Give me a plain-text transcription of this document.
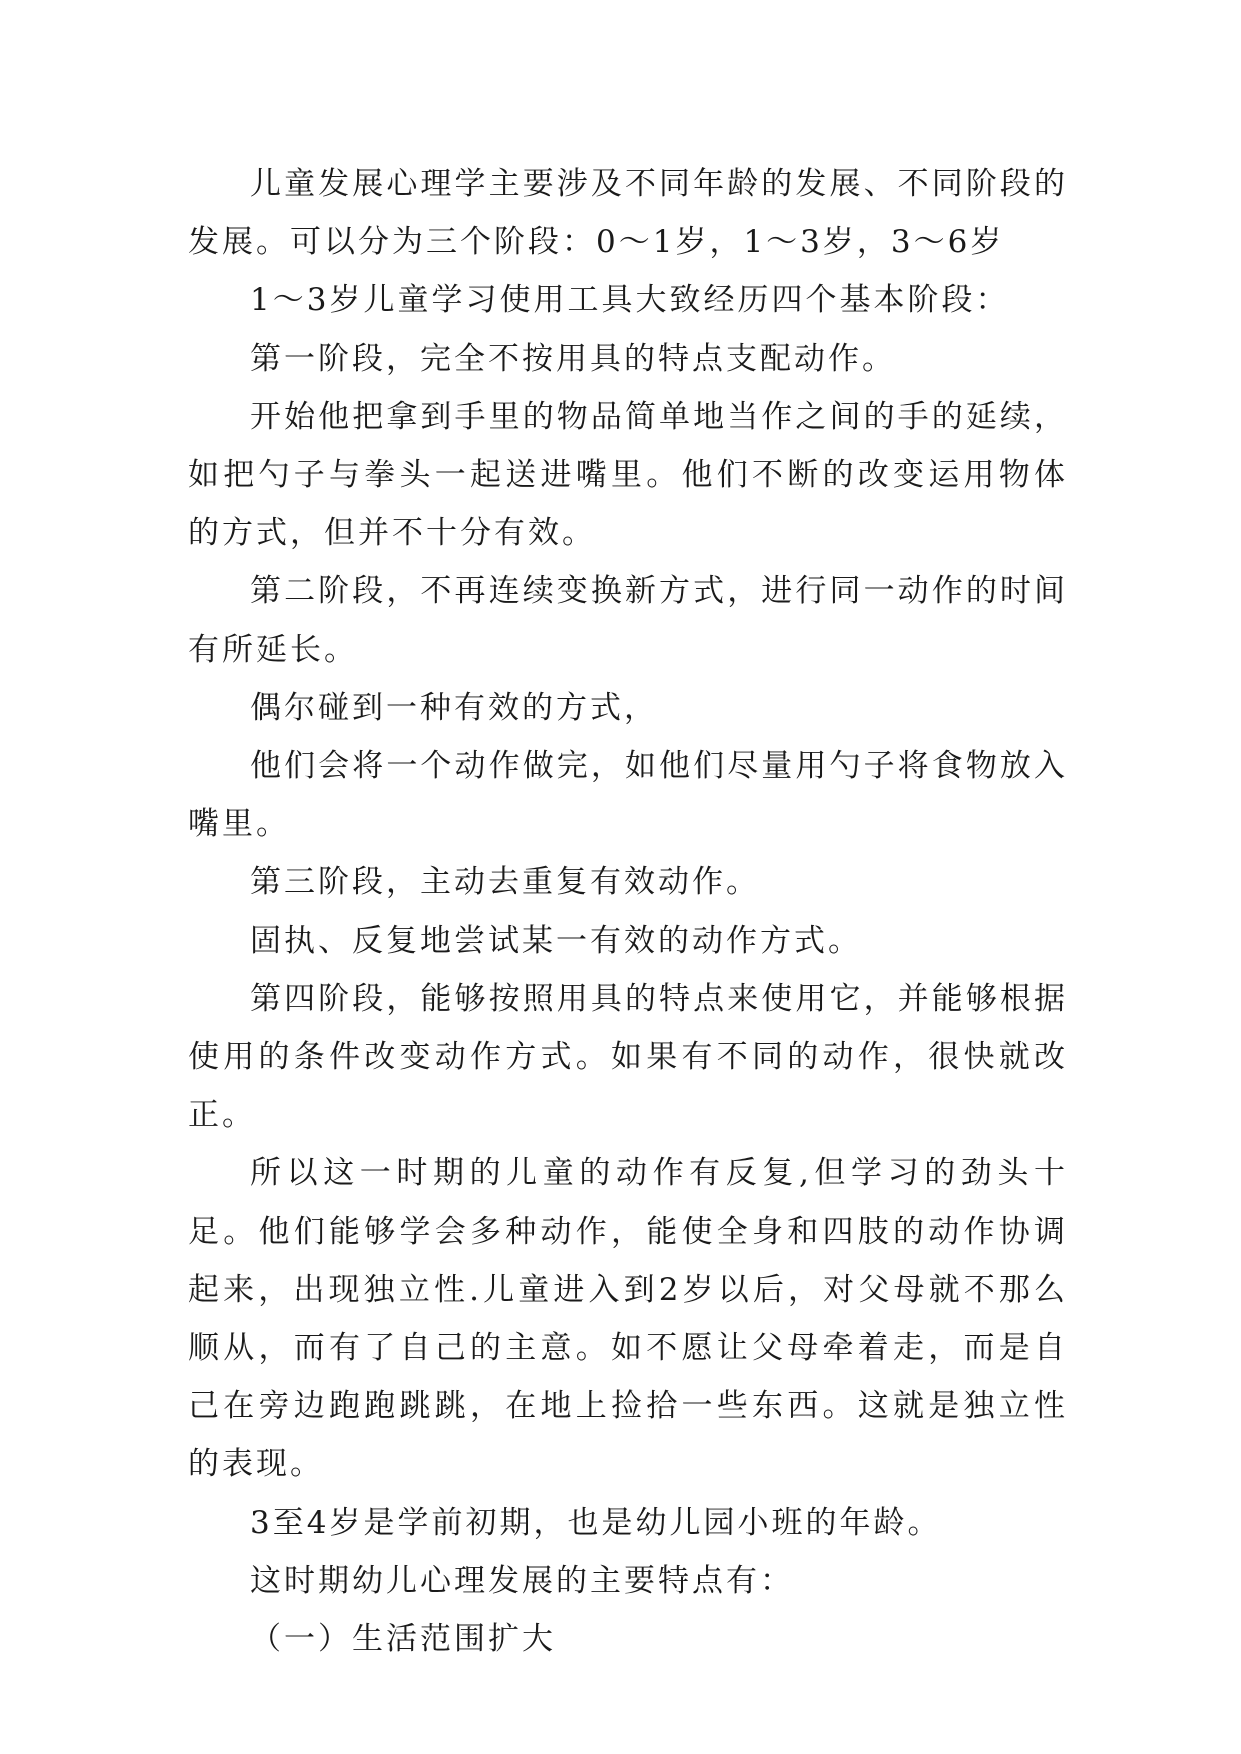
儿童发展心理学主要涉及不同年龄的发展、不同阶段的发展。可以分为三个阶段：0～1岁，1～3岁，3～6岁

1～3岁儿童学习使用工具大致经历四个基本阶段：

第一阶段，完全不按用具的特点支配动作。

开始他把拿到手里的物品简单地当作之间的手的延续，如把勺子与拳头一起送进嘴里。他们不断的改变运用物体的方式，但并不十分有效。

第二阶段，不再连续变换新方式，进行同一动作的时间有所延长。

偶尔碰到一种有效的方式，

他们会将一个动作做完，如他们尽量用勺子将食物放入嘴里。

第三阶段，主动去重复有效动作。

固执、反复地尝试某一有效的动作方式。

第四阶段，能够按照用具的特点来使用它，并能够根据使用的条件改变动作方式。如果有不同的动作，很快就改正。

所以这一时期的儿童的动作有反复,但学习的劲头十足。他们能够学会多种动作，能使全身和四肢的动作协调起来，出现独立性.儿童进入到2岁以后，对父母就不那么顺从，而有了自己的主意。如不愿让父母牵着走，而是自己在旁边跑跑跳跳，在地上捡拾一些东西。这就是独立性的表现。

3至4岁是学前初期，也是幼儿园小班的年龄。

这时期幼儿心理发展的主要特点有：

（一）生活范围扩大
